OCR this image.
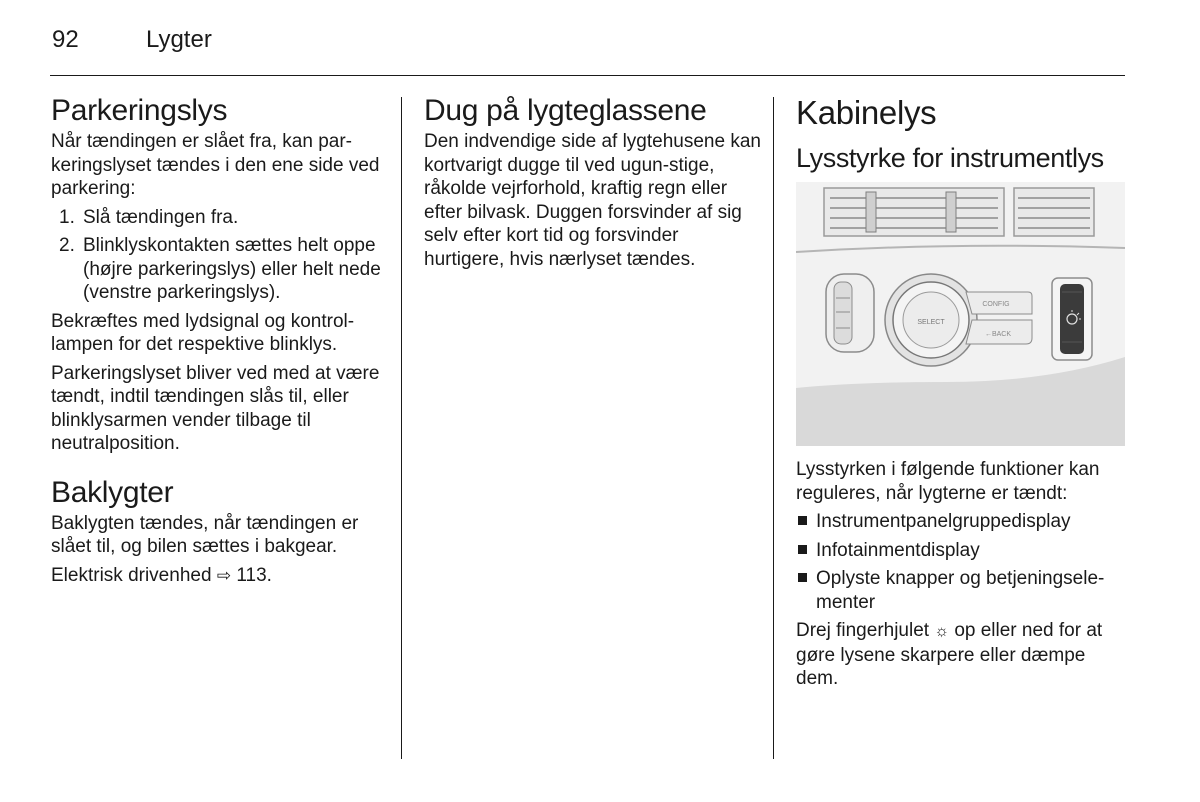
92	Lygter
Parkeringslys

Når tændingen er slået fra, kan par-keringslyset tændes i den ene side ved parkering:

1. Slå tændingen fra.
2. Blinklyskontakten sættes helt oppe (højre parkeringslys) eller helt nede (venstre parkeringslys).

Bekræftes med lydsignal og kontrol-lampen for det respektive blinklys.

Parkeringslyset bliver ved med at være tændt, indtil tændingen slås til, eller blinklysarmen vender tilbage til neutralposition.

Baklygter

Baklygten tændes, når tændingen er slået til, og bilen sættes i bakgear.

Elektrisk drivenhed ⇨ 113.

Dug på lygteglassene

Den indvendige side af lygtehusene kan kortvarigt dugge til ved ugun-stige, råkolde vejrforhold, kraftig regn eller efter bilvask. Duggen forsvinder af sig selv efter kort tid og forsvinder hurtigere, hvis nærlyset tændes.

Kabinelys
Lysstyrke for instrumentlys
SELECT
CONFIG
←BACK

Lysstyrken i følgende funktioner kan reguleres, når lygterne er tændt:

Instrumentpanelgruppedisplay
Infotainmentdisplay
Oplyste knapper og betjeningsele-menter

Drej fingerhjulet ☼ op eller ned for at gøre lysene skarpere eller dæmpe dem.
